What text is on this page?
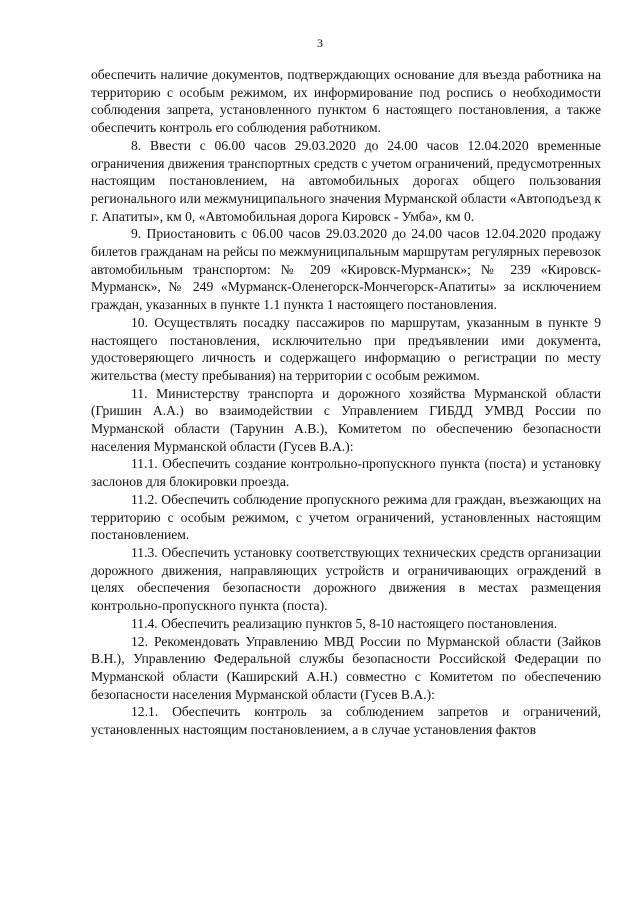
3

обеспечить наличие документов, подтверждающих основание для въезда работника на территорию с особым режимом, их информирование под роспись о необходимости соблюдения запрета, установленного пунктом 6 настоящего постановления, а также обеспечить контроль его соблюдения работником.

8. Ввести с 06.00 часов 29.03.2020 до 24.00 часов 12.04.2020 временные ограничения движения транспортных средств с учетом ограничений, предусмотренных настоящим постановлением, на автомобильных дорогах общего пользования регионального или межмуниципального значения Мурманской области «Автоподъезд к г. Апатиты», км 0, «Автомобильная дорога Кировск - Умба», км 0.

9. Приостановить с 06.00 часов 29.03.2020 до 24.00 часов 12.04.2020 продажу билетов гражданам на рейсы по межмуниципальным маршрутам регулярных перевозок автомобильным транспортом: № 209 «Кировск-Мурманск»; № 239 «Кировск-Мурманск», № 249 «Мурманск-Оленегорск-Мончегорск-Апатиты» за исключением граждан, указанных в пункте 1.1 пункта 1 настоящего постановления.

10. Осуществлять посадку пассажиров по маршрутам, указанным в пункте 9 настоящего постановления, исключительно при предъявлении ими документа, удостоверяющего личность и содержащего информацию о регистрации по месту жительства (месту пребывания) на территории с особым режимом.

11. Министерству транспорта и дорожного хозяйства Мурманской области (Гришин А.А.) во взаимодействии с Управлением ГИБДД УМВД России по Мурманской области (Тарунин А.В.), Комитетом по обеспечению безопасности населения Мурманской области (Гусев В.А.):

11.1. Обеспечить создание контрольно-пропускного пункта (поста) и установку заслонов для блокировки проезда.

11.2. Обеспечить соблюдение пропускного режима для граждан, въезжающих на территорию с особым режимом, с учетом ограничений, установленных настоящим постановлением.

11.3. Обеспечить установку соответствующих технических средств организации дорожного движения, направляющих устройств и ограничивающих ограждений в целях обеспечения безопасности дорожного движения в местах размещения контрольно-пропускного пункта (поста).

11.4. Обеспечить реализацию пунктов 5, 8-10 настоящего постановления.

12. Рекомендовать Управлению МВД России по Мурманской области (Зайков В.Н.), Управлению Федеральной службы безопасности Российской Федерации по Мурманской области (Каширский А.Н.) совместно с Комитетом по обеспечению безопасности населения Мурманской области (Гусев В.А.):

12.1. Обеспечить контроль за соблюдением запретов и ограничений, установленных настоящим постановлением, а в случае установления фактов
